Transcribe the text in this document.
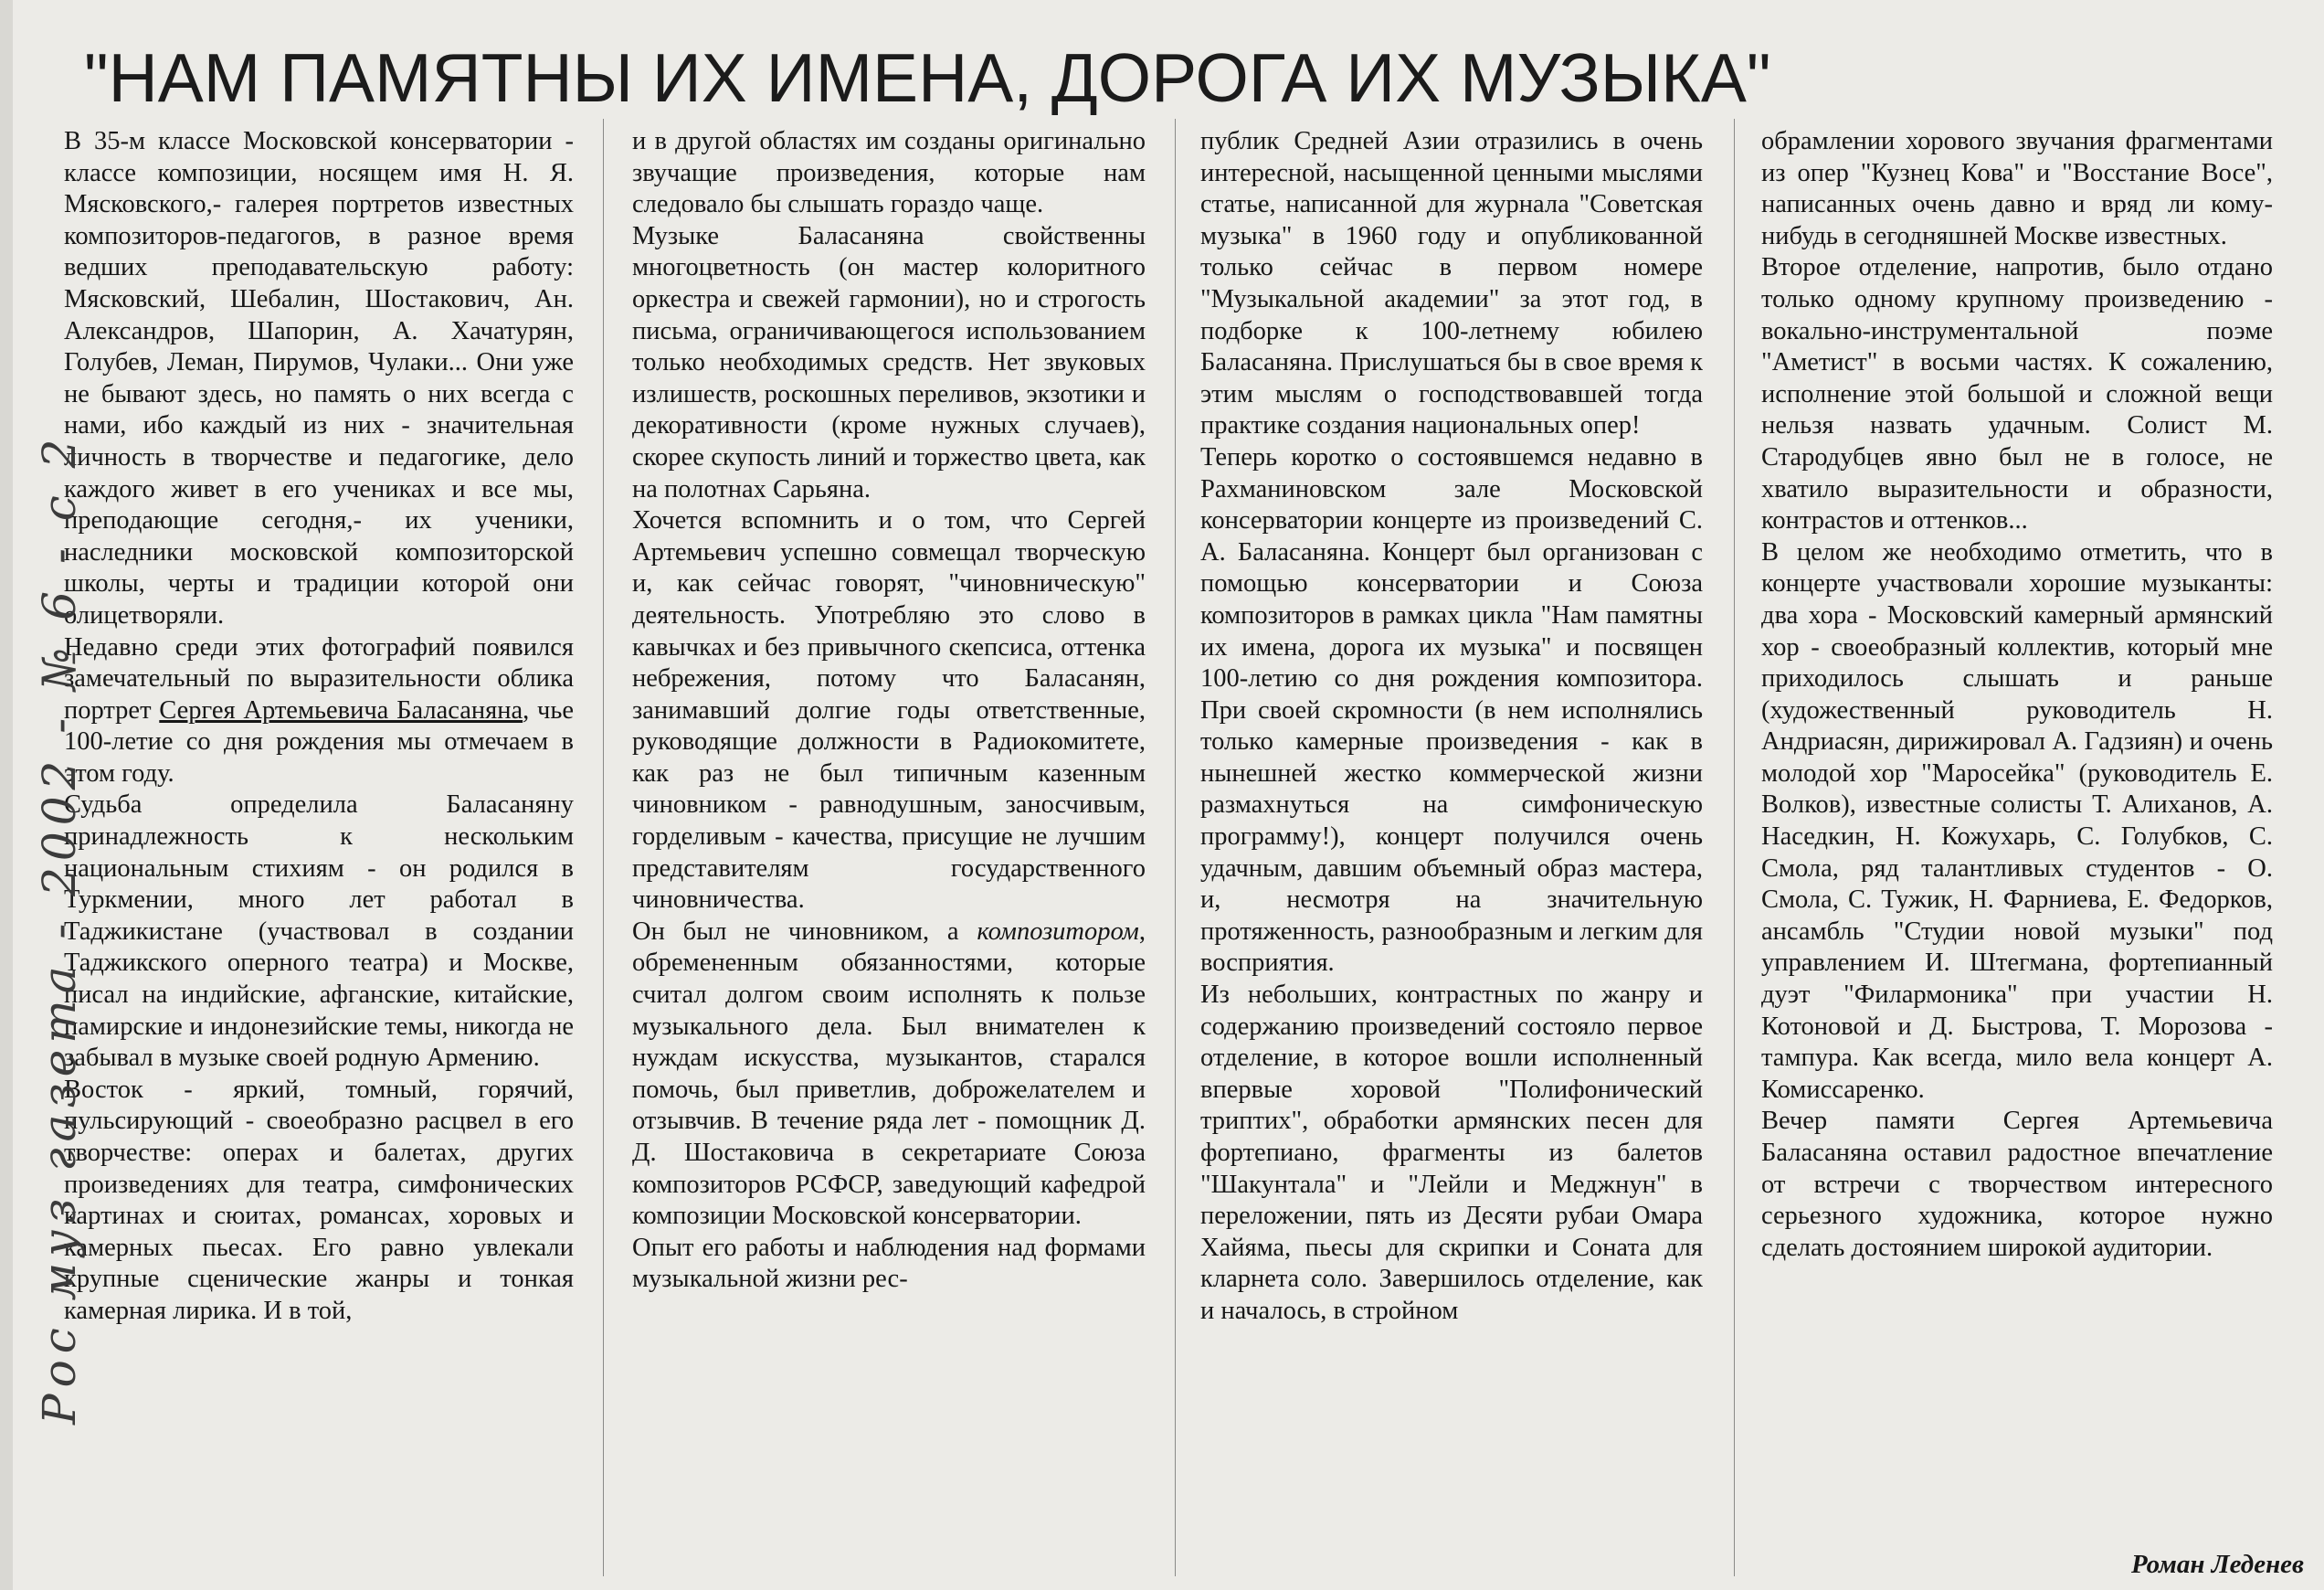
"НАМ ПАМЯТНЫ ИХ ИМЕНА, ДОРОГА ИХ МУЗЫКА"

В 35-м классе Московской консерватории - классе композиции, носящем имя Н. Я. Мясковского,- галерея портретов известных композиторов-педагогов, в разное время ведших преподавательскую работу: Мясковский, Шебалин, Шостакович, Ан. Александров, Шапорин, А. Хачатурян, Голубев, Леман, Пирумов, Чулаки... Они уже не бывают здесь, но память о них всегда с нами, ибо каждый из них - значительная личность в творчестве и педагогике, дело каждого живет в его учениках и все мы, преподающие сегодня,- их ученики, наследники московской композиторской школы, черты и традиции которой они олицетворяли.

Недавно среди этих фотографий появился замечательный по выразительности облика портрет Сергея Артемьевича Баласаняна, чье 100-летие со дня рождения мы отмечаем в этом году.

Судьба определила Баласаняну принадлежность к нескольким национальным стихиям - он родился в Туркмении, много лет работал в Таджикистане (участвовал в создании Таджикского оперного театра) и Москве, писал на индийские, афганские, китайские, памирские и индонезийские темы, никогда не забывал в музыке своей родную Армению.

Восток - яркий, томный, горячий, пульсирующий - своеобразно расцвел в его творчестве: операх и балетах, других произведениях для театра, симфонических картинах и сюитах, романсах, хоровых и камерных пьесах. Его равно увлекали крупные сценические жанры и тонкая камерная лирика. И в той,

и в другой областях им созданы оригинально звучащие произведения, которые нам следовало бы слышать гораздо чаще.

Музыке Баласаняна свойственны многоцветность (он мастер колоритного оркестра и свежей гармонии), но и строгость письма, ограничивающегося использованием только необходимых средств. Нет звуковых излишеств, роскошных переливов, экзотики и декоративности (кроме нужных случаев), скорее скупость линий и торжество цвета, как на полотнах Сарьяна.

Хочется вспомнить и о том, что Сергей Артемьевич успешно совмещал творческую и, как сейчас говорят, "чиновническую" деятельность. Употребляю это слово в кавычках и без привычного скепсиса, оттенка небрежения, потому что Баласанян, занимавший долгие годы ответственные, руководящие должности в Радиокомитете, как раз не был типичным казенным чиновником - равнодушным, заносчивым, горделивым - качества, присущие не лучшим представителям государственного чиновничества.

Он был не чиновником, а композитором, обремененным обязанностями, которые считал долгом своим исполнять к пользе музыкального дела. Был внимателен к нуждам искусства, музыкантов, старался помочь, был приветлив, доброжелателем и отзывчив. В течение ряда лет - помощник Д. Д. Шостаковича в секретариате Союза композиторов РСФСР, заведующий кафедрой композиции Московской консерватории.

Опыт его работы и наблюдения над формами музыкальной жизни рес-

публик Средней Азии отразились в очень интересной, насыщенной ценными мыслями статье, написанной для журнала "Советская музыка" в 1960 году и опубликованной только сейчас в первом номере "Музыкальной академии" за этот год, в подборке к 100-летнему юбилею Баласаняна. Прислушаться бы в свое время к этим мыслям о господствовавшей тогда практике создания национальных опер!

Теперь коротко о состоявшемся недавно в Рахманиновском зале Московской консерватории концерте из произведений С. А. Баласаняна. Концерт был организован с помощью консерватории и Союза композиторов в рамках цикла "Нам памятны их имена, дорога их музыка" и посвящен 100-летию со дня рождения композитора. При своей скромности (в нем исполнялись только камерные произведения - как в нынешней жестко коммерческой жизни размахнуться на симфоническую программу!), концерт получился очень удачным, давшим объемный образ мастера, и, несмотря на значительную протяженность, разнообразным и легким для восприятия.

Из небольших, контрастных по жанру и содержанию произведений состояло первое отделение, в которое вошли исполненный впервые хоровой "Полифонический триптих", обработки армянских песен для фортепиано, фрагменты из балетов "Шакунтала" и "Лейли и Меджнун" в переложении, пять из Десяти рубаи Омара Хайяма, пьесы для скрипки и Соната для кларнета соло. Завершилось отделение, как и началось, в стройном

обрамлении хорового звучания фрагментами из опер "Кузнец Кова" и "Восстание Восе", написанных очень давно и вряд ли кому-нибудь в сегодняшней Москве известных.

Второе отделение, напротив, было отдано только одному крупному произведению - вокально-инструментальной поэме "Аметист" в восьми частях. К сожалению, исполнение этой большой и сложной вещи нельзя назвать удачным. Солист М. Стародубцев явно был не в голосе, не хватило выразительности и образности, контрастов и оттенков...

В целом же необходимо отметить, что в концерте участвовали хорошие музыканты: два хора - Московский камерный армянский хор - своеобразный коллектив, который мне приходилось слышать и раньше (художественный руководитель Н. Андриасян, дирижировал А. Гадзиян) и очень молодой хор "Маросейка" (руководитель Е. Волков), известные солисты Т. Алиханов, А. Наседкин, Н. Кожухарь, С. Голубков, С. Смола, ряд талантливых студентов - О. Смола, С. Тужик, Н. Фарниева, Е. Федорков, ансамбль "Студии новой музыки" под управлением И. Штегмана, фортепианный дуэт "Филармоника" при участии Н. Котоновой и Д. Быстрова, Т. Морозова - тампура. Как всегда, мило вела концерт А. Комиссаренко.

Вечер памяти Сергея Артемьевича Баласаняна оставил радостное впечатление от встречи с творчеством интересного серьезного художника, которое нужно сделать достоянием широкой аудитории.

Роман Леденев
Рос муз газета - 2002 - № 6 - с 2
